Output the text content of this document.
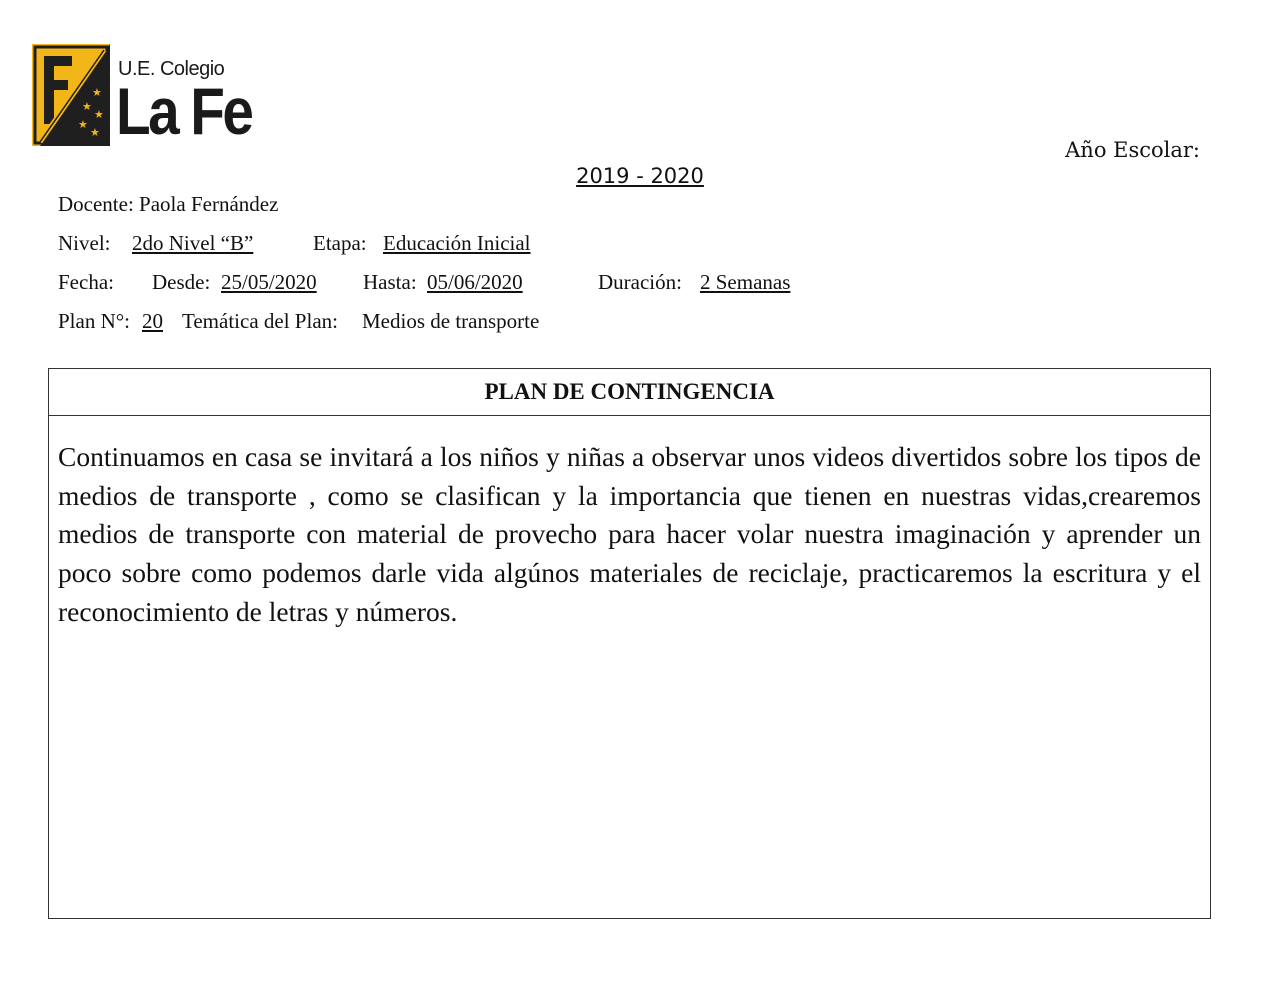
★
★
★
★
★
U.E. Colegio
La Fe
Año Escolar:
2019 - 2020
Docente: Paola Fernández
Nivel: 2do Nivel “B”	Etapa: Educación Inicial
Fecha: Desde: 25/05/2020 Hasta: 05/06/2020	Duración: 2 Semanas
Plan N°: 20 Temática del Plan: Medios de transporte
PLAN DE CONTINGENCIA
Continuamos en casa se invitará a los niños y niñas a observar unos videos divertidos sobre los tipos de medios de transporte , como se clasifican y la importancia que tienen en nuestras vidas,crearemos medios de transporte con material de provecho para hacer volar nuestra imaginación y aprender un poco sobre como podemos darle vida algúnos materiales de reciclaje, practicaremos la escritura y el reconocimiento de letras y números.
